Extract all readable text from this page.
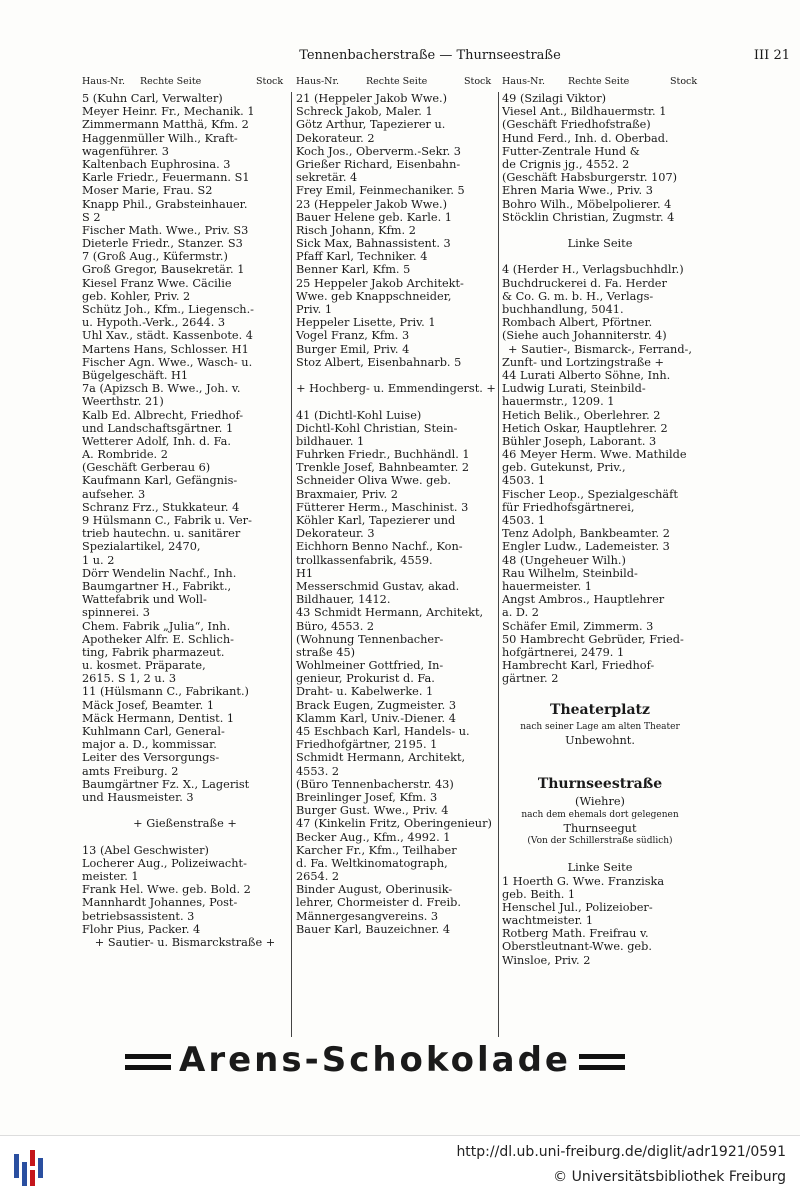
Tennenbacherstraße — Thurnseestraße	III 21
Haus-Nr. Rechte Seite	Stock Haus-Nr.	Rechte Seite	Stock Haus-Nr. Rechte Seite	Stock
5 (Kuhn Carl, Verwalter)
Meyer Heinr. Fr., Mechanik. 1
Zimmermann Matthä, Kfm. 2
Haggenmüller Wilh., Kraft-
wagenführer. 3
Kaltenbach Euphrosina. 3
Karle Friedr., Feuermann. S1
Moser Marie, Frau. S2
Knapp Phil., Grabsteinhauer.
S 2
Fischer Math. Wwe., Priv. S3
Dieterle Friedr., Stanzer. S3
7 (Groß Aug., Küfermstr.)
Groß Gregor, Bausekretär. 1
Kiesel Franz Wwe. Cäcilie
geb. Kohler, Priv. 2
Schütz Joh., Kfm., Liegensch.-
u. Hypoth.-Verk., 2644. 3
Uhl Xav., städt. Kassenbote. 4
Martens Hans, Schlosser. H1
Fischer Agn. Wwe., Wasch- u.
Bügelgeschäft. H1
7a (Apizsch B. Wwe., Joh. v.
Weerthstr. 21)
Kalb Ed. Albrecht, Friedhof-
und Landschaftsgärtner. 1
Wetterer Adolf, Inh. d. Fa.
A. Rombride. 2
(Geschäft Gerberau 6)
Kaufmann Karl, Gefängnis-
aufseher. 3
Schranz Frz., Stukkateur. 4
9 Hülsmann C., Fabrik u. Ver-
trieb hautechn. u. sanitärer
Spezialartikel, 2470,
1 u. 2
Dörr Wendelin Nachf., Inh.
Baumgartner H., Fabrikt.,
Wattefabrik und Woll-
spinnerei. 3
Chem. Fabrik „Julia“, Inh.
Apotheker Alfr. E. Schlich-
ting, Fabrik pharmazeut.
u. kosmet. Präparate,
2615. S 1, 2 u. 3
11 (Hülsmann C., Fabrikant.)
Mäck Josef, Beamter. 1
Mäck Hermann, Dentist. 1
Kuhlmann Carl, General-
major a. D., kommissar.
Leiter des Versorgungs-
amts Freiburg. 2
Baumgärtner Fz. X., Lagerist
und Hausmeister. 3
+ Gießenstraße +
13 (Abel Geschwister)
Locherer Aug., Polizeiwacht-
meister. 1
Frank Hel. Wwe. geb. Bold. 2
Mannhardt Johannes, Post-
betriebsassistent. 3
Flohr Pius, Packer. 4
+ Sautier- u. Bismarckstraße +
21 (Heppeler Jakob Wwe.)
Schreck Jakob, Maler. 1
Götz Arthur, Tapezierer u.
Dekorateur. 2
Koch Jos., Oberverm.-Sekr. 3
Grießer Richard, Eisenbahn-
sekretär. 4
Frey Emil, Feinmechaniker. 5
23 (Heppeler Jakob Wwe.)
Bauer Helene geb. Karle. 1
Risch Johann, Kfm. 2
Sick Max, Bahnassistent. 3
Pfaff Karl, Techniker. 4
Benner Karl, Kfm. 5
25 Heppeler Jakob Architekt-
Wwe. geb Knappschneider,
Priv. 1
Heppeler Lisette, Priv. 1
Vogel Franz, Kfm. 3
Burger Emil, Priv. 4
Stoz Albert, Eisenbahnarb. 5
+ Hochberg- u. Emmendingerst. +
41 (Dichtl-Kohl Luise)
Dichtl-Kohl Christian, Stein-
bildhauer. 1
Fuhrken Friedr., Buchhändl. 1
Trenkle Josef, Bahnbeamter. 2
Schneider Oliva Wwe. geb.
Braxmaier, Priv. 2
Fütterer Herm., Maschinist. 3
Köhler Karl, Tapezierer und
Dekorateur. 3
Eichhorn Benno Nachf., Kon-
trollkassenfabrik, 4559.
H1
Messerschmid Gustav, akad.
Bildhauer, 1412.
43 Schmidt Hermann, Architekt,
Büro, 4553. 2
(Wohnung Tennenbacher-
straße 45)
Wohlmeiner Gottfried, In-
genieur, Prokurist d. Fa.
Draht- u. Kabelwerke. 1
Brack Eugen, Zugmeister. 3
Klamm Karl, Univ.-Diener. 4
45 Eschbach Karl, Handels- u.
Friedhofgärtner, 2195. 1
Schmidt Hermann, Architekt,
4553. 2
(Büro Tennenbacherstr. 43)
Breinlinger Josef, Kfm. 3
Burger Gust. Wwe., Priv. 4
47 (Kinkelin Fritz, Oberingenieur)
Becker Aug., Kfm., 4992. 1
Karcher Fr., Kfm., Teilhaber
d. Fa. Weltkinomatograph,
2654. 2
Binder August, Oberinusik-
lehrer, Chormeister d. Freib.
Männergesangvereins. 3
Bauer Karl, Bauzeichner. 4
49 (Szilagi Viktor)
Viesel Ant., Bildhauermstr. 1
(Geschäft Friedhofstraße)
Hund Ferd., Inh. d. Oberbad.
Futter-Zentrale Hund &
de Crignis jg., 4552. 2
(Geschäft Habsburgerstr. 107)
Ehren Maria Wwe., Priv. 3
Bohro Wilh., Möbelpolierer. 4
Stöcklin Christian, Zugmstr. 4
Linke Seite
4 (Herder H., Verlagsbuchhdlr.)
Buchdruckerei d. Fa. Herder
& Co. G. m. b. H., Verlags-
buchhandlung, 5041.
Rombach Albert, Pförtner.
(Siehe auch Johanniterstr. 4)
+ Sautier-, Bismarck-, Ferrand-,
Zunft- und Lortzingstraße +
44 Lurati Alberto Söhne, Inh.
Ludwig Lurati, Steinbild-
hauermstr., 1209. 1
Hetich Belik., Oberlehrer. 2
Hetich Oskar, Hauptlehrer. 2
Bühler Joseph, Laborant. 3
46 Meyer Herm. Wwe. Mathilde
geb. Gutekunst, Priv.,
4503. 1
Fischer Leop., Spezialgeschäft
für Friedhofsgärtnerei,
4503. 1
Tenz Adolph, Bankbeamter. 2
Engler Ludw., Lademeister. 3
48 (Ungeheuer Wilh.)
Rau Wilhelm, Steinbild-
hauermeister. 1
Angst Ambros., Hauptlehrer
a. D. 2
Schäfer Emil, Zimmerm. 3
50 Hambrecht Gebrüder, Fried-
hofgärtnerei, 2479. 1
Hambrecht Karl, Friedhof-
gärtner. 2
Theaterplatz
nach seiner Lage am alten Theater
Unbewohnt.
Thurnseestraße
(Wiehre)
nach dem ehemals dort gelegenen
Thurnseegut
(Von der Schillerstraße südlich)
Linke Seite
1 Hoerth G. Wwe. Franziska
geb. Beith. 1
Henschel Jul., Polizeiober-
wachtmeister. 1
Rotberg Math. Freifrau v.
Oberstleutnant-Wwe. geb.
Winsloe, Priv. 2
Arens-Schokolade
http://dl.ub.uni-freiburg.de/diglit/adr1921/0591
© Universitätsbibliothek Freiburg
